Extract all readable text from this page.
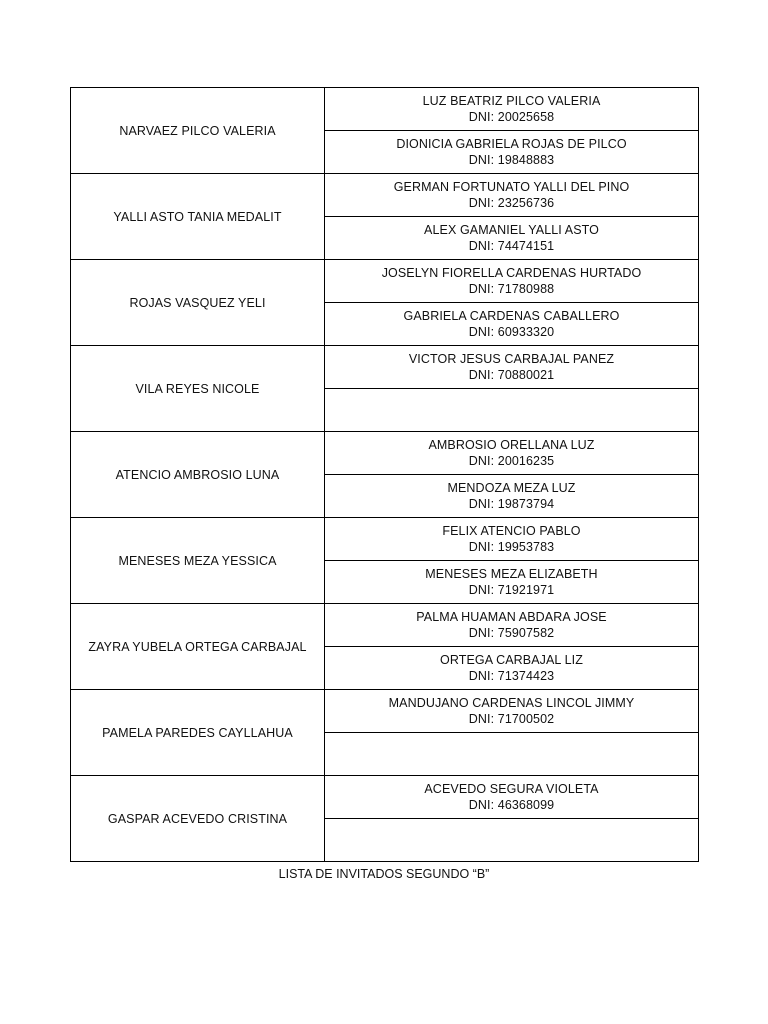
NARVAEZ PILCO VALERIA	LUZ BEATRIZ PILCO VALERIA
DNI: 20025658

	DIONICIA GABRIELA ROJAS DE PILCO
DNI: 19848883

YALLI ASTO TANIA MEDALIT	GERMAN FORTUNATO YALLI DEL PINO
DNI: 23256736

	ALEX GAMANIEL YALLI ASTO
DNI: 74474151

ROJAS VASQUEZ YELI	JOSELYN FIORELLA CARDENAS HURTADO
DNI: 71780988

	GABRIELA CARDENAS CABALLERO
DNI: 60933320

VILA REYES NICOLE	VICTOR JESUS CARBAJAL PANEZ
DNI: 70880021

ATENCIO AMBROSIO LUNA	AMBROSIO ORELLANA LUZ
DNI: 20016235

	MENDOZA MEZA LUZ
DNI: 19873794

MENESES MEZA YESSICA	FELIX ATENCIO PABLO
DNI: 19953783

	MENESES MEZA ELIZABETH
DNI: 71921971

ZAYRA YUBELA ORTEGA CARBAJAL	PALMA HUAMAN ABDARA JOSE
DNI: 75907582

	ORTEGA CARBAJAL LIZ
DNI: 71374423

PAMELA PAREDES CAYLLAHUA	MANDUJANO CARDENAS LINCOL JIMMY
DNI: 71700502

GASPAR ACEVEDO CRISTINA	ACEVEDO SEGURA VIOLETA
DNI: 46368099

LISTA DE INVITADOS SEGUNDO “B”
